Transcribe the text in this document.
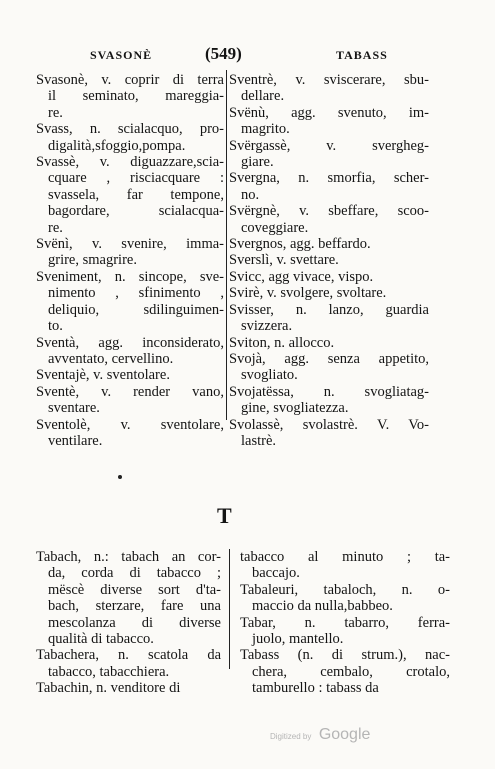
SVASONÈ	(549)	TABASS

Svasonè, v. coprir di terra
il seminato, mareggia-
re.

Svass, n. scialacquo, pro-
digalità,sfoggio,pompa.

Svassè, v. diguazzare,scia-
cquare , risciacquare :
svassela, far tempone,
bagordare, scialacqua-
re.

Svënì, v. svenire, imma-
grire, smagrire.

Sveniment, n. sincope, sve-
nimento , sfinimento ,
deliquio, sdilinguimen-
to.

Sventà, agg. inconsiderato,
avventato, cervellino.

Sventajè, v. sventolare.

Sventè, v. render vano,
sventare.

Sventolè, v. sventolare,
ventilare.

Sventrè, v. sviscerare, sbu-
dellare.

Svënù, agg. svenuto, im-
magrito.

Svërgassè, v. svergheg-
giare.

Svergna, n. smorfia, scher-
no.

Svërgnè, v. sbeffare, scoo-
coveggiare.

Svergnos, agg. beffardo.

Sverslì, v. svettare.

Svicc, agg vivace, vispo.

Svirè, v. svolgere, svoltare.

Svisser, n. lanzo, guardia
svizzera.

Sviton, n. allocco.

Svojà, agg. senza appetito,
svogliato.

Svojatëssa, n. svogliatag-
gine, svogliatezza.

Svolassè, svolastrè. V. Vo-
lastrè.

T

Tabach, n.: tabach an cor-
da, corda di tabacco ;
mëscè diverse sort d'ta-
bach, sterzare, fare una
mescolanza di diverse
qualità di tabacco.

Tabachera, n. scatola da
tabacco, tabacchiera.

Tabachin, n. venditore di

tabacco al minuto ; ta-
baccajo.

Tabaleuri, tabaloch, n. o-
maccio da nulla,babbeo.

Tabar, n. tabarro, ferra-
juolo, mantello.

Tabass (n. di strum.), nac-
chera, cembalo, crotalo,
tamburello : tabass da

Digitized by Google
